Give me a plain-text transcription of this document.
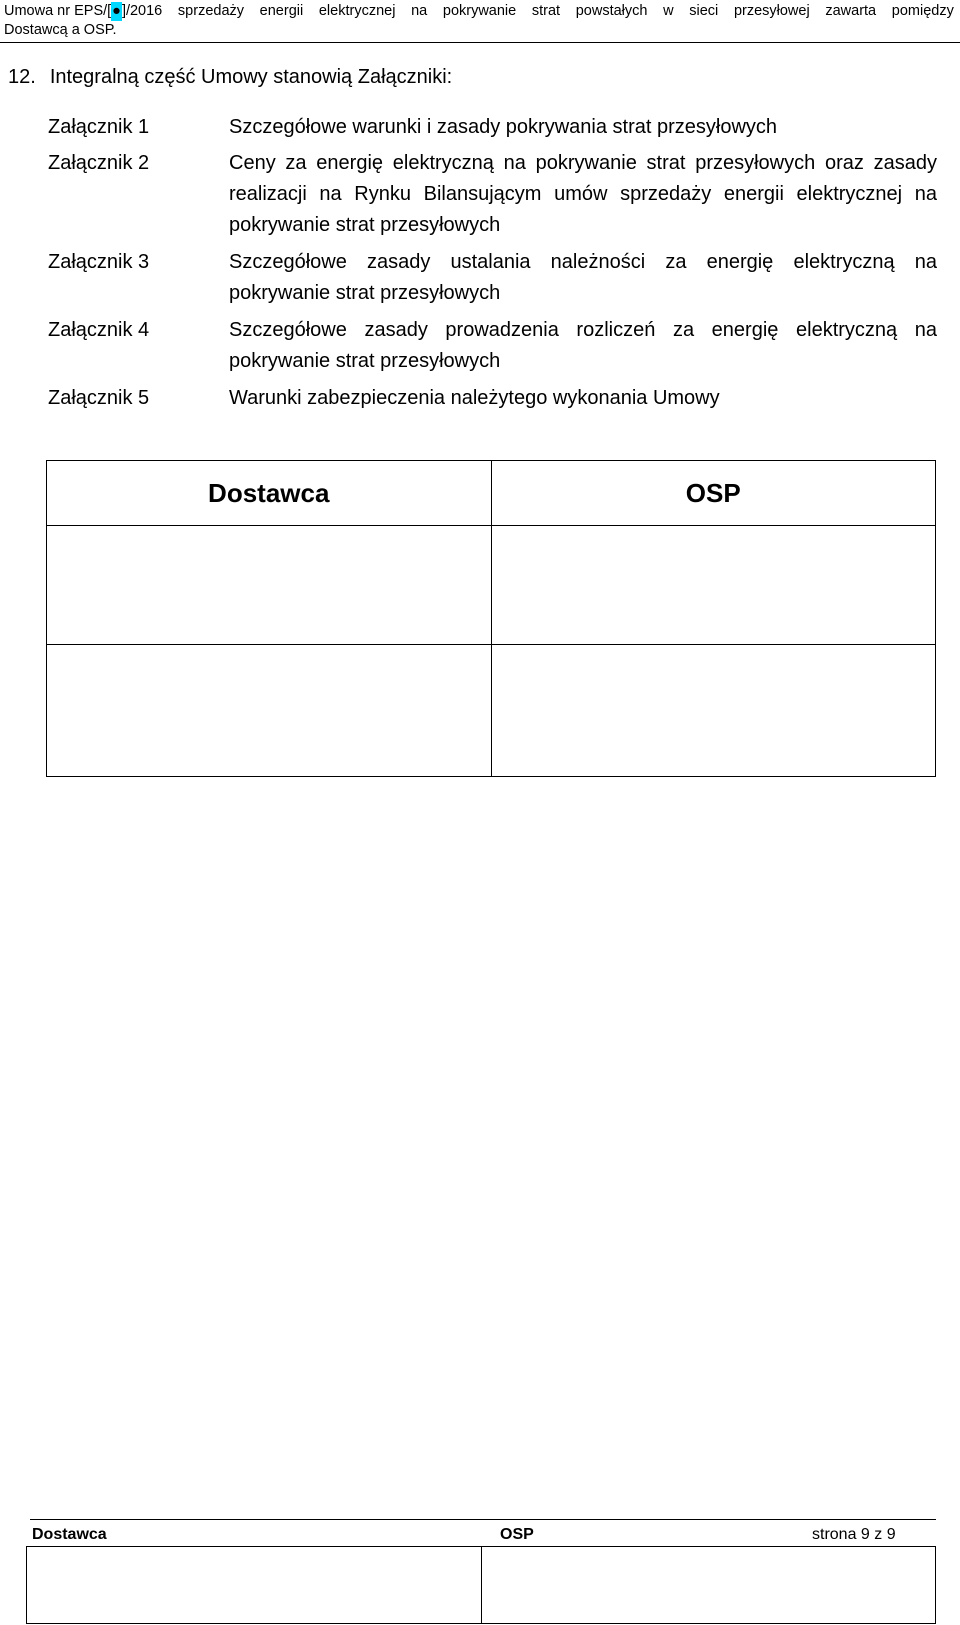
Umowa nr EPS/[●]/2016 sprzedaży energii elektrycznej na pokrywanie strat powstałych w sieci przesyłowej zawarta pomiędzy
Dostawcą a OSP.
12. Integralną część Umowy stanowią Załączniki:
Załącznik 1	Szczegółowe warunki i zasady pokrywania strat przesyłowych
Załącznik 2	Ceny za energię elektryczną na pokrywanie strat przesyłowych oraz zasady realizacji na Rynku Bilansującym umów sprzedaży energii elektrycznej na pokrywanie strat przesyłowych
Załącznik 3	Szczegółowe zasady ustalania należności za energię elektryczną na pokrywanie strat przesyłowych
Załącznik 4	Szczegółowe zasady prowadzenia rozliczeń za energię elektryczną na pokrywanie strat przesyłowych
Załącznik 5	Warunki zabezpieczenia należytego wykonania Umowy
Dostawca	OSP

Dostawca	OSP	strona 9 z 9
